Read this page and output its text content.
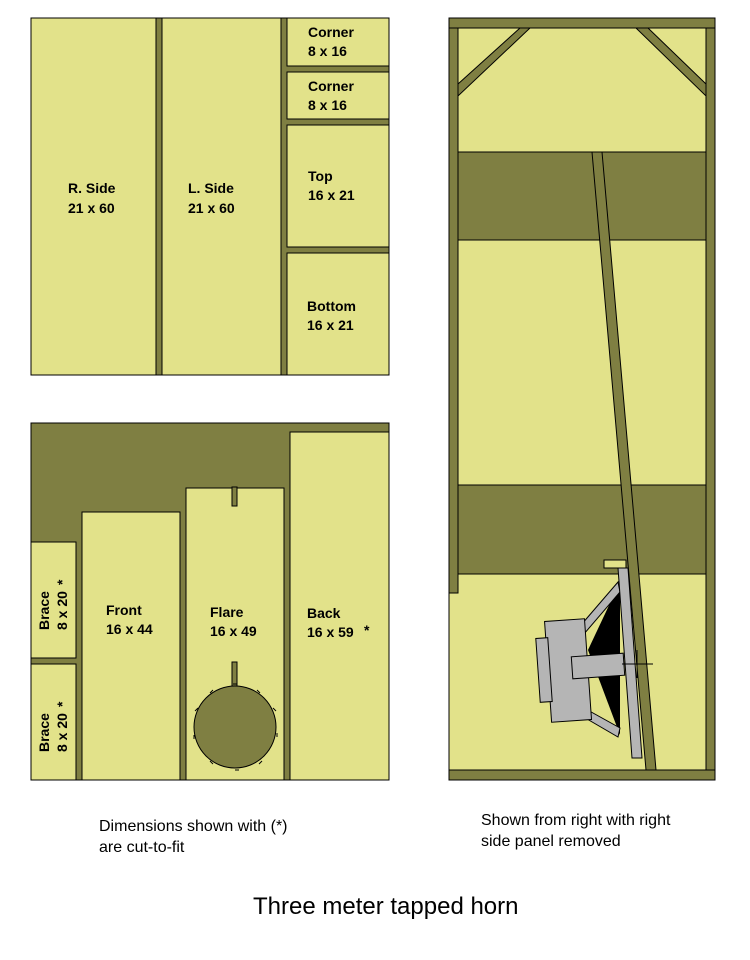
R. Side
21 x 60
L. Side
21 x 60
Corner
8 x 16
Corner
8 x 16
Top
16 x 21
Bottom
16 x 21
Brace 8 x 20
*
Brace 8 x 20
*
Front
16 x 44
Flare
16 x 49
Back
16 x 59 *

Dimensions shown with (*)
are cut-to-fit

Shown from right with right
side panel removed

Three meter tapped horn
